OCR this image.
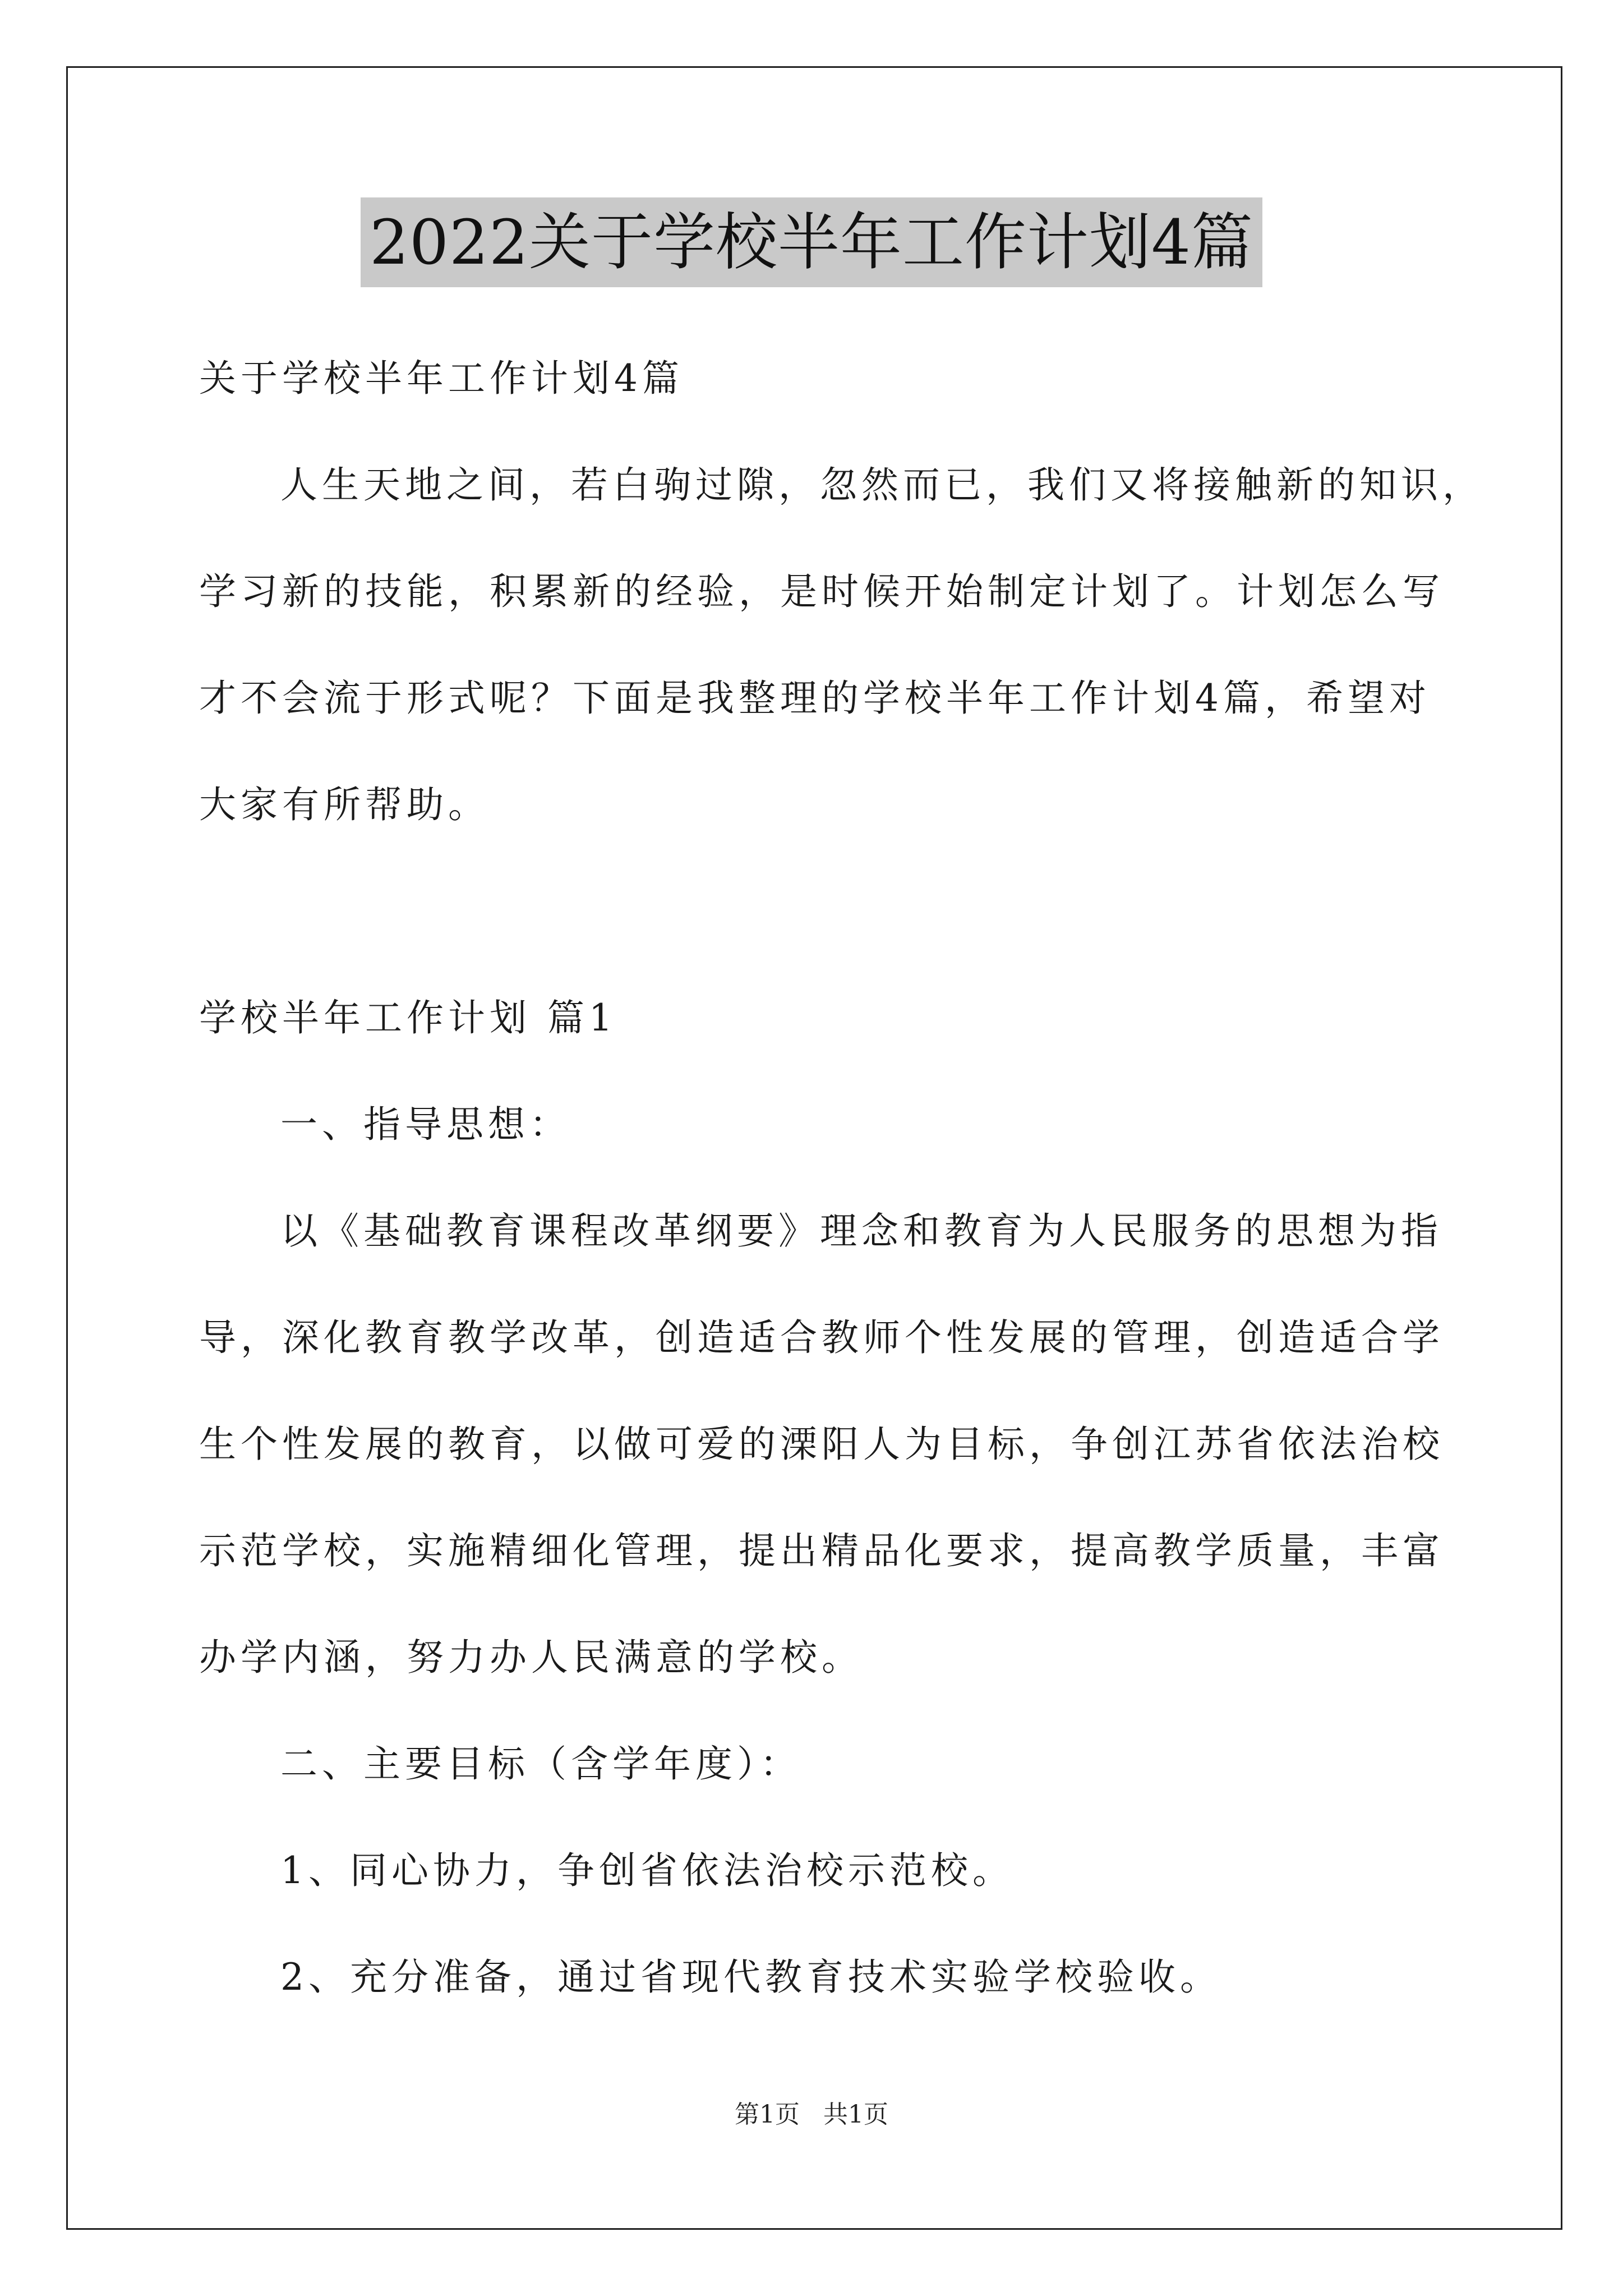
2022关于学校半年工作计划4篇
关于学校半年工作计划4篇
人生天地之间，若白驹过隙，忽然而已，我们又将接触新的知识，
学习新的技能，积累新的经验，是时候开始制定计划了。计划怎么写
才不会流于形式呢？下面是我整理的学校半年工作计划4篇，希望对
大家有所帮助。
学校半年工作计划 篇1
一、指导思想：
以《基础教育课程改革纲要》理念和教育为人民服务的思想为指
导，深化教育教学改革，创造适合教师个性发展的管理，创造适合学
生个性发展的教育，以做可爱的溧阳人为目标，争创江苏省依法治校
示范学校，实施精细化管理，提出精品化要求，提高教学质量，丰富
办学内涵，努力办人民满意的学校。
二、主要目标（含学年度）：
1、同心协力，争创省依法治校示范校。
2、充分准备，通过省现代教育技术实验学校验收。
第1页   共1页
